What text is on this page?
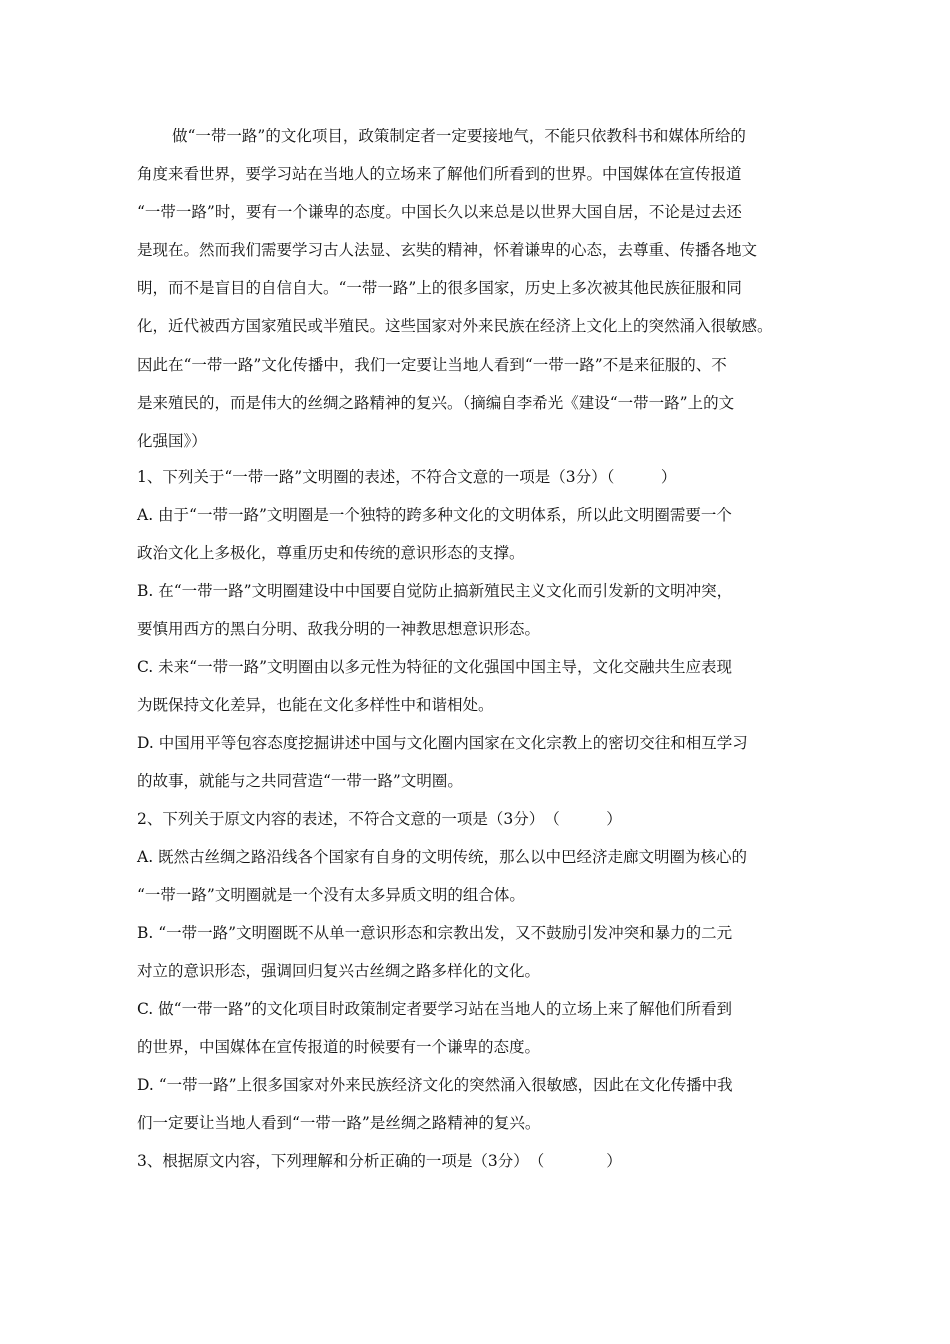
做“一带一路”的文化项目，政策制定者一定要接地气，不能只依教科书和媒体所给的
角度来看世界，要学习站在当地人的立场来了解他们所看到的世界。中国媒体在宣传报道
“一带一路”时，要有一个谦卑的态度。中国长久以来总是以世界大国自居，不论是过去还
是现在。然而我们需要学习古人法显、玄奘的精神，怀着谦卑的心态，去尊重、传播各地文
明，而不是盲目的自信自大。“一带一路”上的很多国家，历史上多次被其他民族征服和同
化，近代被西方国家殖民或半殖民。这些国家对外来民族在经济上文化上的突然涌入很敏感。
因此在“一带一路”文化传播中，我们一定要让当地人看到“一带一路”不是来征服的、不
是来殖民的，而是伟大的丝绸之路精神的复兴。（摘编自李希光《建设“一带一路”上的文
化强国》）
1、下列关于“一带一路”文明圈的表述，不符合文意的一项是（3分）（　　　）
A. 由于“一带一路”文明圈是一个独特的跨多种文化的文明体系，所以此文明圈需要一个
政治文化上多极化，尊重历史和传统的意识形态的支撑。
B. 在“一带一路”文明圈建设中中国要自觉防止搞新殖民主义文化而引发新的文明冲突，
要慎用西方的黑白分明、敌我分明的一神教思想意识形态。
C. 未来“一带一路”文明圈由以多元性为特征的文化强国中国主导，文化交融共生应表现
为既保持文化差异，也能在文化多样性中和谐相处。
D. 中国用平等包容态度挖掘讲述中国与文化圈内国家在文化宗教上的密切交往和相互学习
的故事，就能与之共同营造“一带一路”文明圈。
2、下列关于原文内容的表述，不符合文意的一项是（3分）　（　　　）
A. 既然古丝绸之路沿线各个国家有自身的文明传统，那么以中巴经济走廊文明圈为核心的
“一带一路”文明圈就是一个没有太多异质文明的组合体。
B. “一带一路”文明圈既不从单一意识形态和宗教出发，又不鼓励引发冲突和暴力的二元
对立的意识形态，强调回归复兴古丝绸之路多样化的文化。
C. 做“一带一路”的文化项目时政策制定者要学习站在当地人的立场上来了解他们所看到
的世界，中国媒体在宣传报道的时候要有一个谦卑的态度。
D. “一带一路”上很多国家对外来民族经济文化的突然涌入很敏感，因此在文化传播中我
们一定要让当地人看到“一带一路”是丝绸之路精神的复兴。
3、根据原文内容，下列理解和分析正确的一项是（3分）　（　　　　）
